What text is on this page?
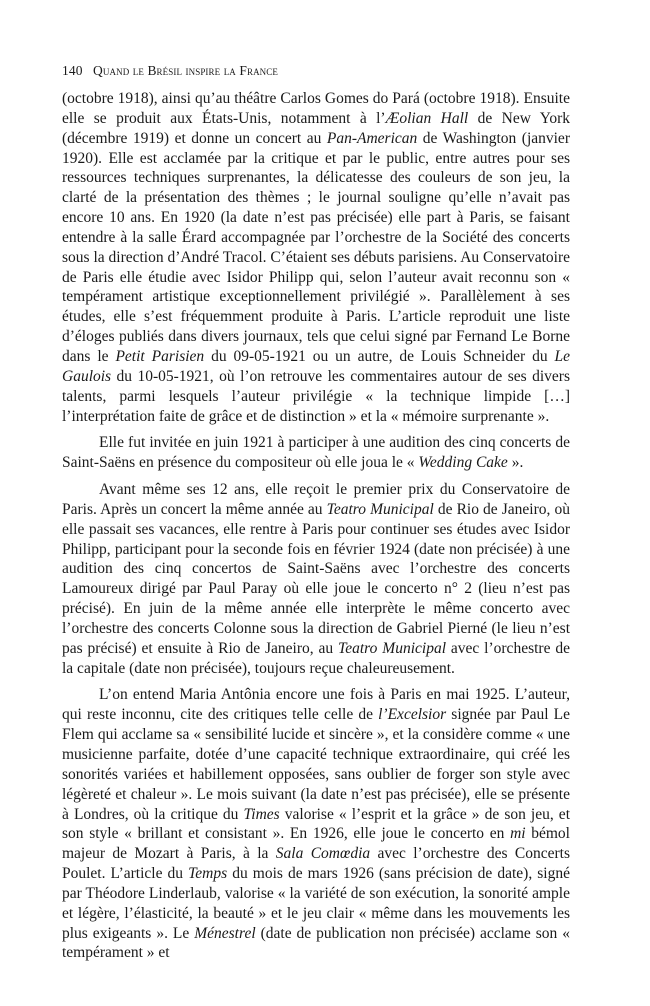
140 Quand le Brésil inspire la France

(octobre 1918), ainsi qu’au théâtre Carlos Gomes do Pará (octobre 1918). Ensuite elle se produit aux États-Unis, notamment à l’Æolian Hall de New York (décembre 1919) et donne un concert au Pan-American de Washington (janvier 1920). Elle est acclamée par la critique et par le public, entre autres pour ses ressources techniques surprenantes, la délicatesse des couleurs de son jeu, la clarté de la présentation des thèmes ; le journal souligne qu’elle n’avait pas encore 10 ans. En 1920 (la date n’est pas précisée) elle part à Paris, se faisant entendre à la salle Érard accompagnée par l’orchestre de la Société des concerts sous la direction d’André Tracol. C’étaient ses débuts parisiens. Au Conservatoire de Paris elle étudie avec Isidor Philipp qui, selon l’auteur avait reconnu son « tempérament artistique exceptionnellement privilégié ». Parallèlement à ses études, elle s’est fréquemment produite à Paris. L’article reproduit une liste d’éloges publiés dans divers journaux, tels que celui signé par Fernand Le Borne dans le Petit Parisien du 09-05-1921 ou un autre, de Louis Schneider du Le Gaulois du 10-05-1921, où l’on retrouve les commentaires autour de ses divers talents, parmi lesquels l’auteur privilégie « la technique limpide […] l’interprétation faite de grâce et de distinction » et la « mémoire surprenante ».

Elle fut invitée en juin 1921 à participer à une audition des cinq concerts de Saint-Saëns en présence du compositeur où elle joua le « Wedding Cake ».

Avant même ses 12 ans, elle reçoit le premier prix du Conservatoire de Paris. Après un concert la même année au Teatro Municipal de Rio de Janeiro, où elle passait ses vacances, elle rentre à Paris pour continuer ses études avec Isidor Philipp, participant pour la seconde fois en février 1924 (date non précisée) à une audition des cinq concertos de Saint-Saëns avec l’orchestre des concerts Lamoureux dirigé par Paul Paray où elle joue le concerto n° 2 (lieu n’est pas précisé). En juin de la même année elle interprète le même concerto avec l’orchestre des concerts Colonne sous la direction de Gabriel Pierné (le lieu n’est pas précisé) et ensuite à Rio de Janeiro, au Teatro Municipal avec l’orchestre de la capitale (date non précisée), toujours reçue chaleureusement.

L’on entend Maria Antônia encore une fois à Paris en mai 1925. L’auteur, qui reste inconnu, cite des critiques telle celle de l’Excelsior signée par Paul Le Flem qui acclame sa « sensibilité lucide et sincère », et la considère comme « une musicienne parfaite, dotée d’une capacité technique extraordinaire, qui créé les sonorités variées et habillement opposées, sans oublier de forger son style avec légèreté et chaleur ». Le mois suivant (la date n’est pas précisée), elle se présente à Londres, où la critique du Times valorise « l’esprit et la grâce » de son jeu, et son style « brillant et consistant ». En 1926, elle joue le concerto en mi bémol majeur de Mozart à Paris, à la Sala Comœdia avec l’orchestre des Concerts Poulet. L’article du Temps du mois de mars 1926 (sans précision de date), signé par Théodore Linderlaub, valorise « la variété de son exécution, la sonorité ample et légère, l’élasticité, la beauté » et le jeu clair « même dans les mouvements les plus exigeants ». Le Ménestrel (date de publication non précisée) acclame son « tempérament » et
